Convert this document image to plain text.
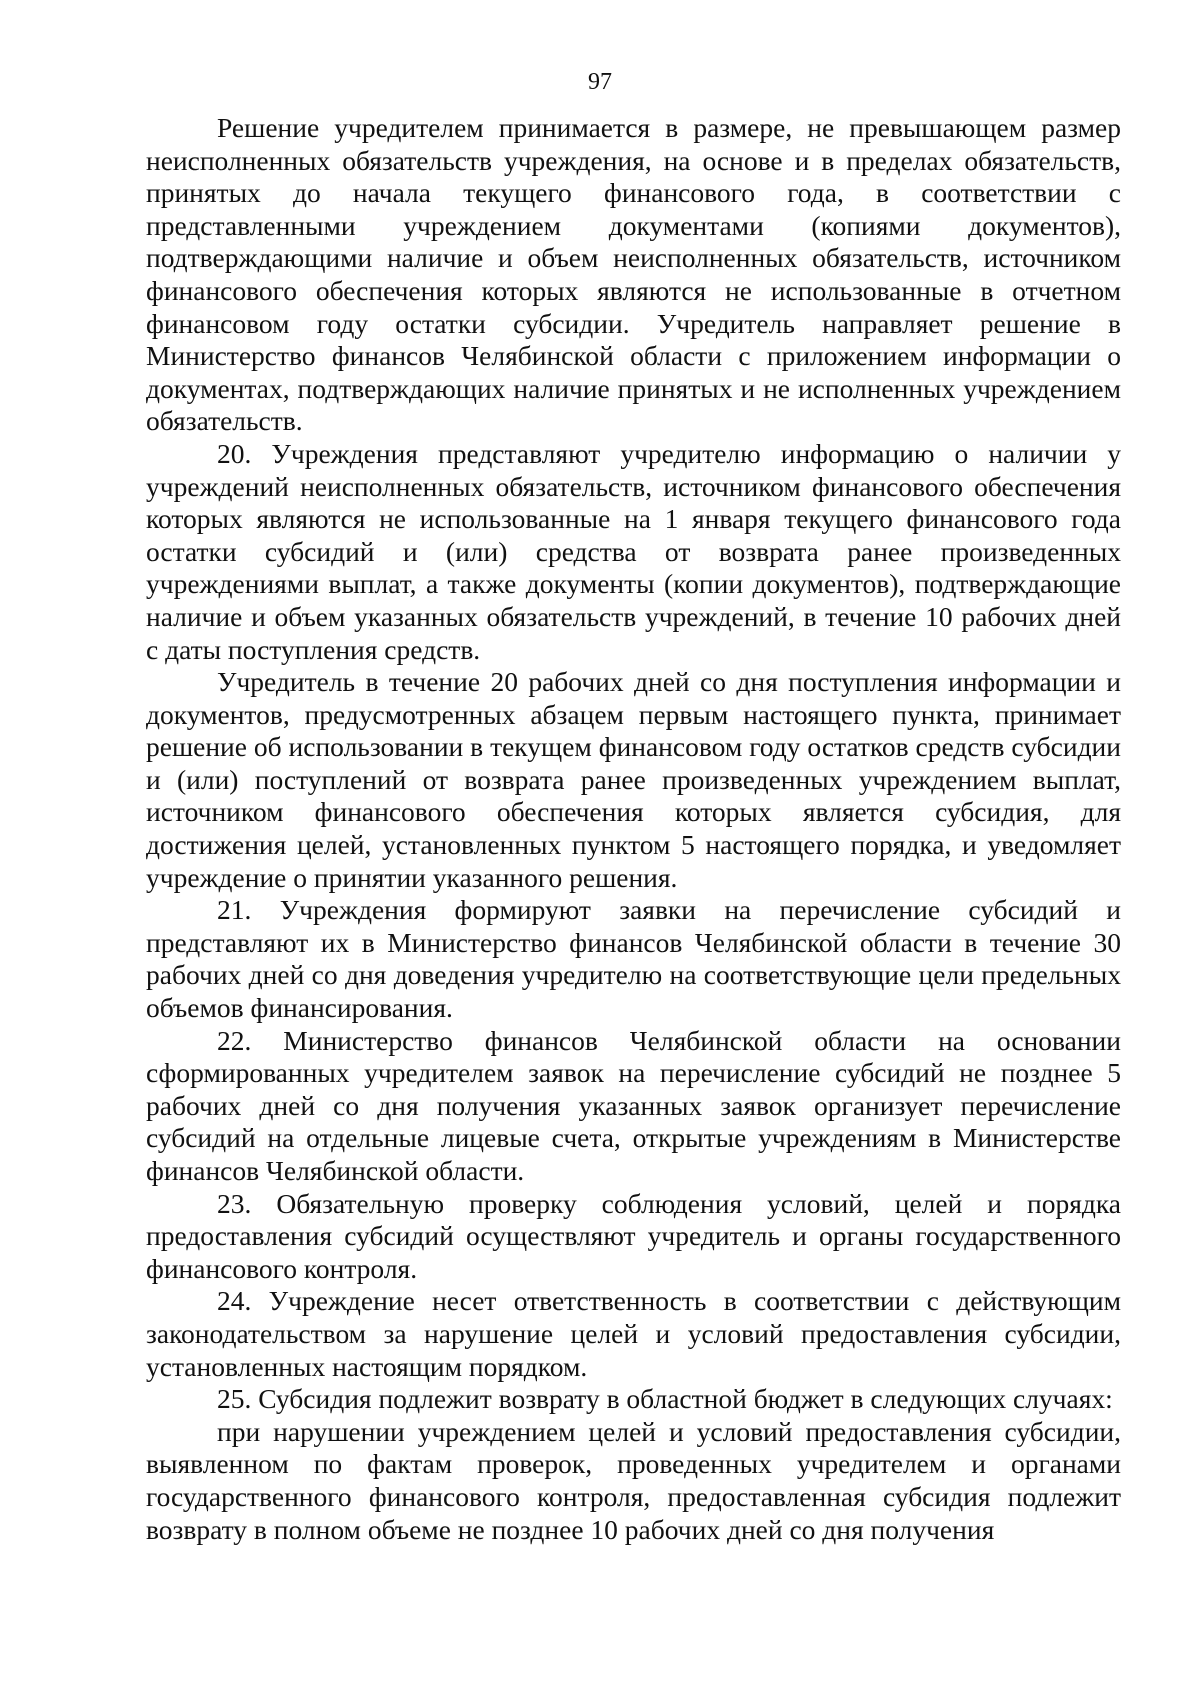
97

Решение учредителем принимается в размере, не превышающем размер неисполненных обязательств учреждения, на основе и в пределах обязательств, принятых до начала текущего финансового года, в соответствии с представленными учреждением документами (копиями документов), подтверждающими наличие и объем неисполненных обязательств, источником финансового обеспечения которых являются не использованные в отчетном финансовом году остатки субсидии. Учредитель направляет решение в Министерство финансов Челябинской области с приложением информации о документах, подтверждающих наличие принятых и не исполненных учреждением обязательств.

20. Учреждения представляют учредителю информацию о наличии у учреждений неисполненных обязательств, источником финансового обеспечения которых являются не использованные на 1 января текущего финансового года остатки субсидий и (или) средства от возврата ранее произведенных учреждениями выплат, а также документы (копии документов), подтверждающие наличие и объем указанных обязательств учреждений, в течение 10 рабочих дней с даты поступления средств.

Учредитель в течение 20 рабочих дней со дня поступления информации и документов, предусмотренных абзацем первым настоящего пункта, принимает решение об использовании в текущем финансовом году остатков средств субсидии и (или) поступлений от возврата ранее произведенных учреждением выплат, источником финансового обеспечения которых является субсидия, для достижения целей, установленных пунктом 5 настоящего порядка, и уведомляет учреждение о принятии указанного решения.

21. Учреждения формируют заявки на перечисление субсидий и представляют их в Министерство финансов Челябинской области в течение 30 рабочих дней со дня доведения учредителю на соответствующие цели предельных объемов финансирования.

22. Министерство финансов Челябинской области на основании сформированных учредителем заявок на перечисление субсидий не позднее 5 рабочих дней со дня получения указанных заявок организует перечисление субсидий на отдельные лицевые счета, открытые учреждениям в Министерстве финансов Челябинской области.

23. Обязательную проверку соблюдения условий, целей и порядка предоставления субсидий осуществляют учредитель и органы государственного финансового контроля.

24. Учреждение несет ответственность в соответствии с действующим законодательством за нарушение целей и условий предоставления субсидии, установленных настоящим порядком.

25. Субсидия подлежит возврату в областной бюджет в следующих случаях:

при нарушении учреждением целей и условий предоставления субсидии, выявленном по фактам проверок, проведенных учредителем и органами государственного финансового контроля, предоставленная субсидия подлежит возврату в полном объеме не позднее 10 рабочих дней со дня получения
